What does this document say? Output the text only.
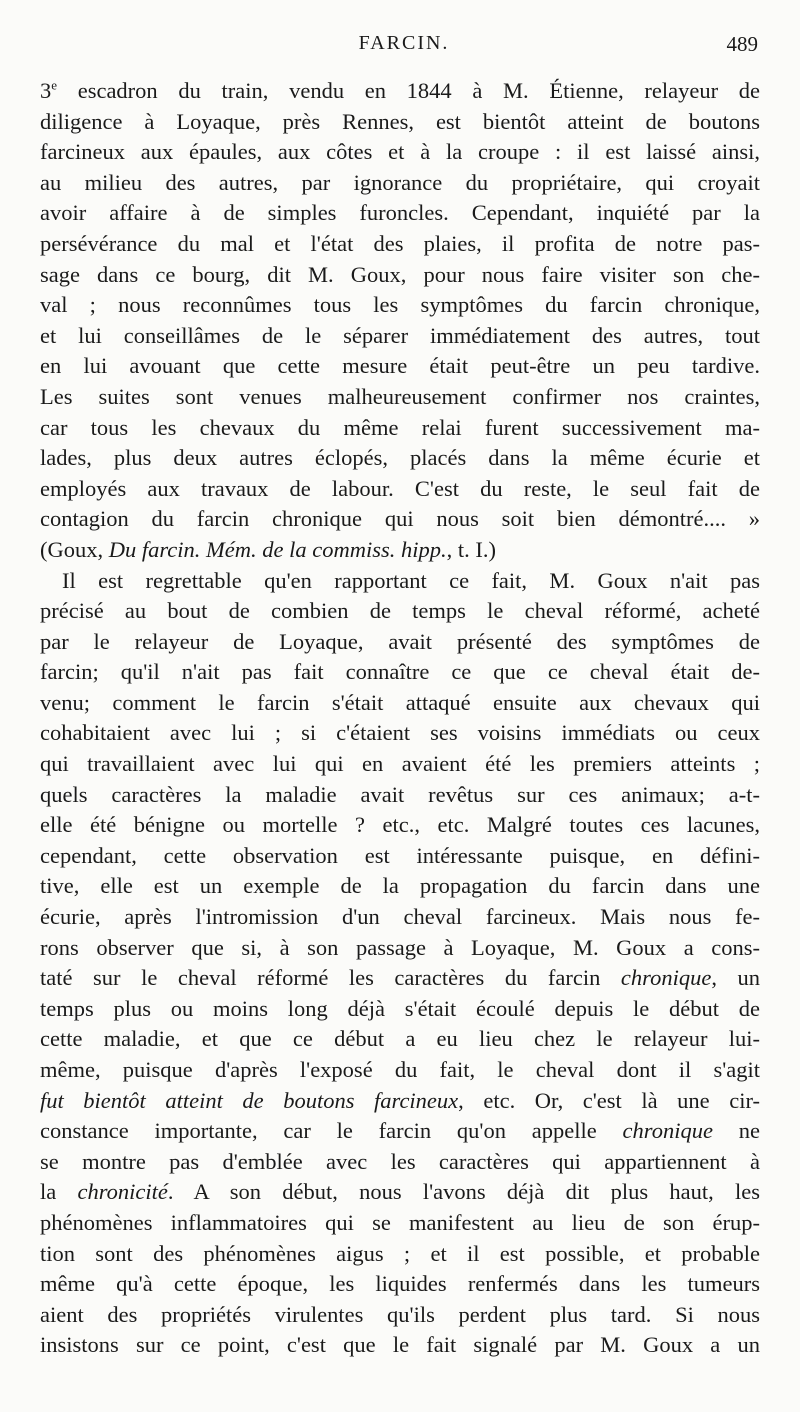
FARCIN.	489
3e escadron du train, vendu en 1844 à M. Étienne, relayeur de
diligence à Loyaque, près Rennes, est bientôt atteint de boutons
farcineux aux épaules, aux côtes et à la croupe : il est laissé ainsi,
au milieu des autres, par ignorance du propriétaire, qui croyait
avoir affaire à de simples furoncles. Cependant, inquiété par la
persévérance du mal et l'état des plaies, il profita de notre pas-
sage dans ce bourg, dit M. Goux, pour nous faire visiter son che-
val ; nous reconnûmes tous les symptômes du farcin chronique,
et lui conseillâmes de le séparer immédiatement des autres, tout
en lui avouant que cette mesure était peut-être un peu tardive.
Les suites sont venues malheureusement confirmer nos craintes,
car tous les chevaux du même relai furent successivement ma-
lades, plus deux autres éclopés, placés dans la même écurie et
employés aux travaux de labour. C'est du reste, le seul fait de
contagion du farcin chronique qui nous soit bien démontré.... »
(Goux, Du farcin. Mém. de la commiss. hipp., t. I.)
Il est regrettable qu'en rapportant ce fait, M. Goux n'ait pas
précisé au bout de combien de temps le cheval réformé, acheté
par le relayeur de Loyaque, avait présenté des symptômes de
farcin; qu'il n'ait pas fait connaître ce que ce cheval était de-
venu; comment le farcin s'était attaqué ensuite aux chevaux qui
cohabitaient avec lui ; si c'étaient ses voisins immédiats ou ceux
qui travaillaient avec lui qui en avaient été les premiers atteints ;
quels caractères la maladie avait revêtus sur ces animaux; a-t-
elle été bénigne ou mortelle ? etc., etc. Malgré toutes ces lacunes,
cependant, cette observation est intéressante puisque, en défini-
tive, elle est un exemple de la propagation du farcin dans une
écurie, après l'intromission d'un cheval farcineux. Mais nous fe-
rons observer que si, à son passage à Loyaque, M. Goux a cons-
taté sur le cheval réformé les caractères du farcin chronique, un
temps plus ou moins long déjà s'était écoulé depuis le début de
cette maladie, et que ce début a eu lieu chez le relayeur lui-
même, puisque d'après l'exposé du fait, le cheval dont il s'agit
fut bientôt atteint de boutons farcineux, etc. Or, c'est là une cir-
constance importante, car le farcin qu'on appelle chronique ne
se montre pas d'emblée avec les caractères qui appartiennent à
la chronicité. A son début, nous l'avons déjà dit plus haut, les
phénomènes inflammatoires qui se manifestent au lieu de son érup-
tion sont des phénomènes aigus ; et il est possible, et probable
même qu'à cette époque, les liquides renfermés dans les tumeurs
aient des propriétés virulentes qu'ils perdent plus tard. Si nous
insistons sur ce point, c'est que le fait signalé par M. Goux a un
